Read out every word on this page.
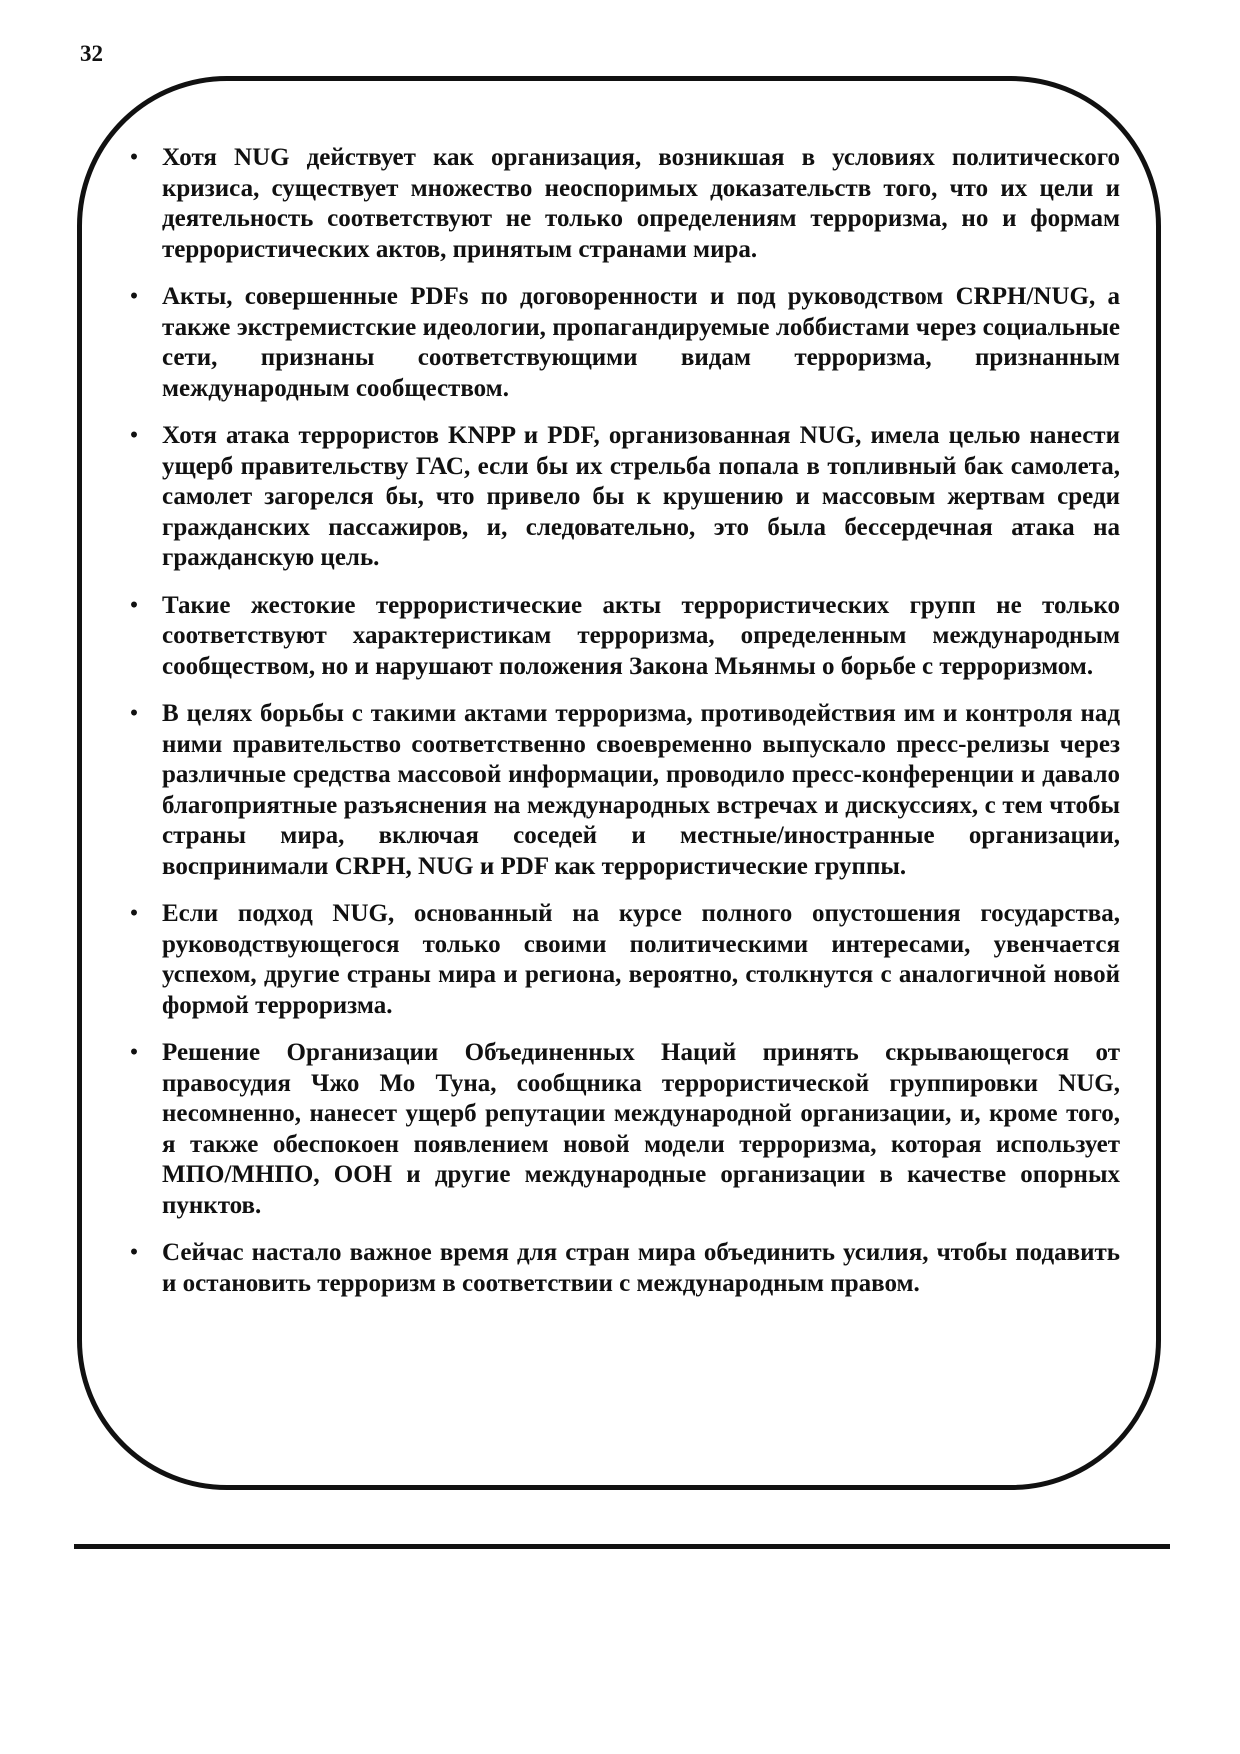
32
• Хотя NUG действует как организация, возникшая в условиях политического кризиса, существует множество неоспоримых доказательств того, что их цели и деятельность соответствуют не только определениям терроризма, но и формам террористических актов, принятым странами мира.
• Акты, совершенные PDFs по договоренности и под руководством CRPH/NUG, а также экстремистские идеологии, пропагандируемые лоббистами через социальные сети, признаны соответствующими видам терроризма, признанным международным сообществом.
• Хотя атака террористов KNPP и PDF, организованная NUG, имела целью нанести ущерб правительству ГАС, если бы их стрельба попала в топливный бак самолета, самолет загорелся бы, что привело бы к крушению и массовым жертвам среди гражданских пассажиров, и, следовательно, это была бессердечная атака на гражданскую цель.
• Такие жестокие террористические акты террористических групп не только соответствуют характеристикам терроризма, определенным международным сообществом, но и нарушают положения Закона Мьянмы о борьбе с терроризмом.
• В целях борьбы с такими актами терроризма, противодействия им и контроля над ними правительство соответственно своевременно выпускало пресс-релизы через различные средства массовой информации, проводило пресс-конференции и давало благоприятные разъяснения на международных встречах и дискуссиях, с тем чтобы страны мира, включая соседей и местные/иностранные организации, воспринимали CRPH, NUG и PDF как террористические группы.
• Если подход NUG, основанный на курсе полного опустошения государства, руководствующегося только своими политическими интересами, увенчается успехом, другие страны мира и региона, вероятно, столкнутся с аналогичной новой формой терроризма.
• Решение Организации Объединенных Наций принять скрывающегося от правосудия Чжо Мо Туна, сообщника террористической группировки NUG, несомненно, нанесет ущерб репутации международной организации, и, кроме того, я также обеспокоен появлением новой модели терроризма, которая использует МПО/МНПО, ООН и другие международные организации в качестве опорных пунктов.
• Сейчас настало важное время для стран мира объединить усилия, чтобы подавить и остановить терроризм в соответствии с международным правом.
